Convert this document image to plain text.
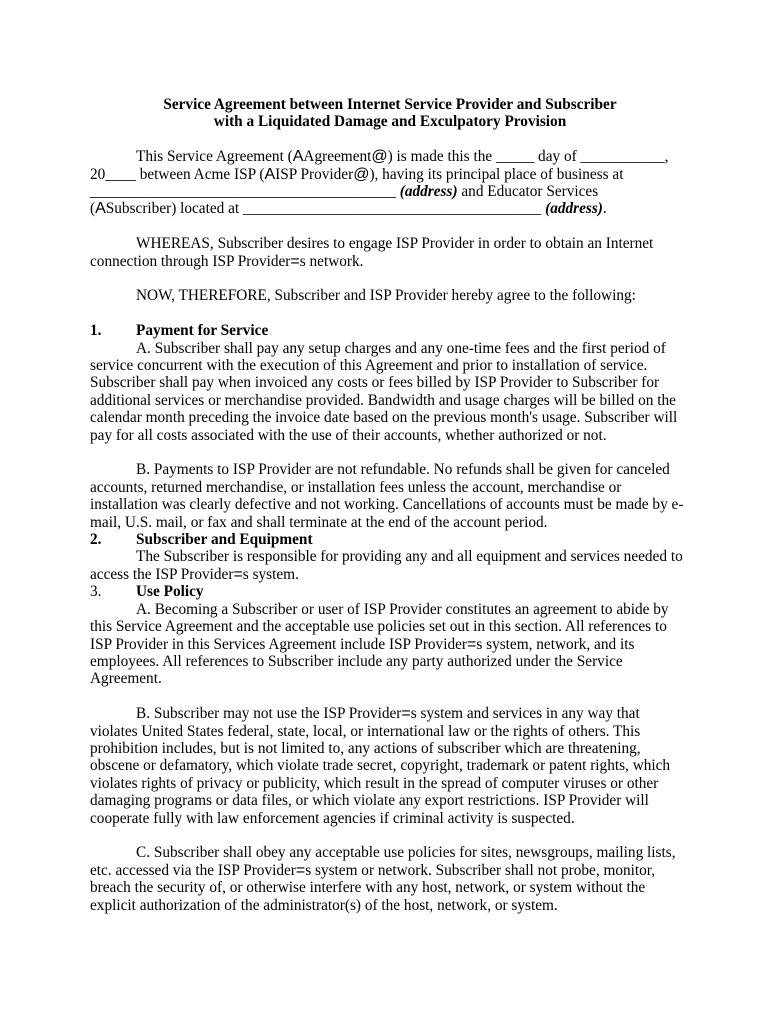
Service Agreement between Internet Service Provider and Subscriber

with a Liquidated Damage and Exculpatory Provision

This Service Agreement (AAgreement@) is made this the _____ day of ___________, 20____ between Acme ISP (AISP Provider@), having its principal place of business at ________________________________________ (address) and Educator Services (ASubscriber) located at _______________________________________ (address).

WHEREAS, Subscriber desires to engage ISP Provider in order to obtain an Internet connection through ISP Provider=s network.

NOW, THEREFORE, Subscriber and ISP Provider hereby agree to the following:

1.	Payment for Service

A. Subscriber shall pay any setup charges and any one-time fees and the first period of service concurrent with the execution of this Agreement and prior to installation of service. Subscriber shall pay when invoiced any costs or fees billed by ISP Provider to Subscriber for additional services or merchandise provided. Bandwidth and usage charges will be billed on the calendar month preceding the invoice date based on the previous month's usage. Subscriber will pay for all costs associated with the use of their accounts, whether authorized or not.

B. Payments to ISP Provider are not refundable. No refunds shall be given for canceled accounts, returned merchandise, or installation fees unless the account, merchandise or installation was clearly defective and not working. Cancellations of accounts must be made by e-mail, U.S. mail, or fax and shall terminate at the end of the account period.

2.	Subscriber and Equipment

The Subscriber is responsible for providing any and all equipment and services needed to access the ISP Provider=s system.

3.	Use Policy

A. Becoming a Subscriber or user of ISP Provider constitutes an agreement to abide by this Service Agreement and the acceptable use policies set out in this section. All references to ISP Provider in this Services Agreement include ISP Provider=s system, network, and its employees. All references to Subscriber include any party authorized under the Service Agreement.

B. Subscriber may not use the ISP Provider=s system and services in any way that violates United States federal, state, local, or international law or the rights of others. This prohibition includes, but is not limited to, any actions of subscriber which are threatening, obscene or defamatory, which violate trade secret, copyright, trademark or patent rights, which violates rights of privacy or publicity, which result in the spread of computer viruses or other damaging programs or data files, or which violate any export restrictions. ISP Provider will cooperate fully with law enforcement agencies if criminal activity is suspected.

C. Subscriber shall obey any acceptable use policies for sites, newsgroups, mailing lists, etc. accessed via the ISP Provider=s system or network. Subscriber shall not probe, monitor, breach the security of, or otherwise interfere with any host, network, or system without the explicit authorization of the administrator(s) of the host, network, or system.
